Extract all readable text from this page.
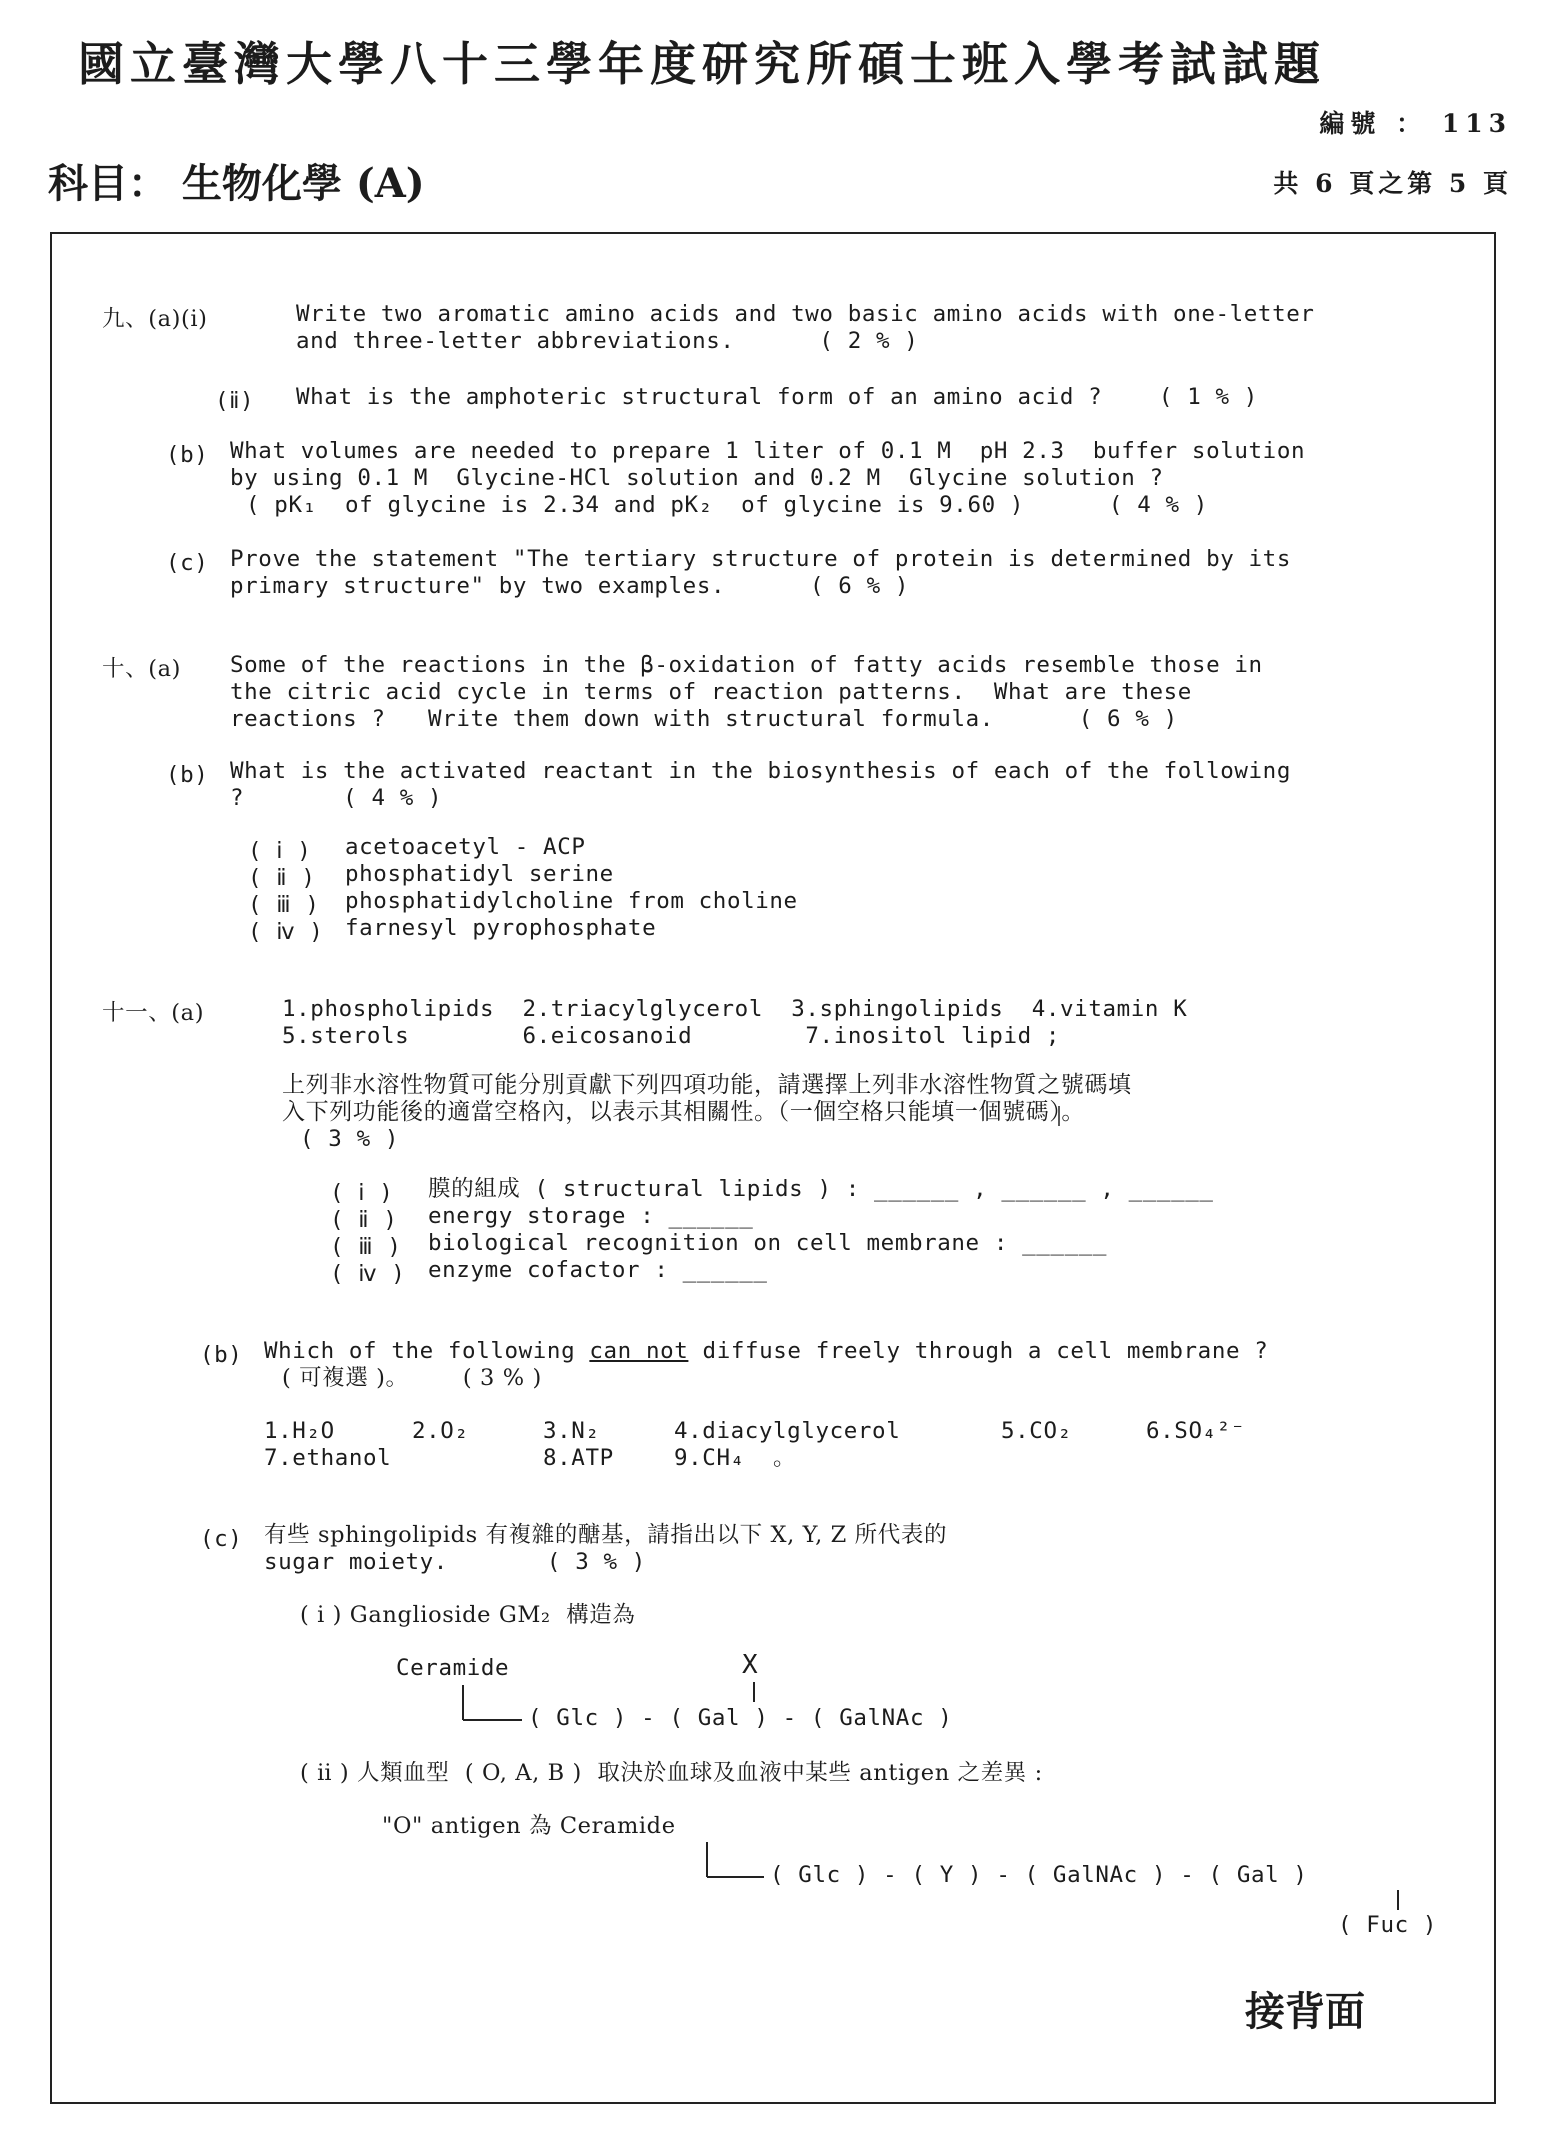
國立臺灣大學八十三學年度研究所碩士班入學考試試題
編號 ： 113
科目： 生物化學 (A)	共 6 頁之第 5 頁
九、(a)(ⅰ)	Write two aromatic amino acids and two basic amino acids with one-letter
and three-letter abbreviations.      ( 2 % )
(ⅱ) What is the amphoteric structural form of an amino acid ?    ( 1 % )
(b) What volumes are needed to prepare 1 liter of 0.1 M  pH 2.3  buffer solution
by using 0.1 M  Glycine-HCl solution and 0.2 M  Glycine solution ?
( pK₁  of glycine is 2.34 and pK₂  of glycine is 9.60 )      ( 4 % )
(c) Prove the statement "The tertiary structure of protein is determined by its
primary structure" by two examples.      ( 6 % )
十、(a) Some of the reactions in the β-oxidation of fatty acids resemble those in
the citric acid cycle in terms of reaction patterns.  What are these
reactions ?   Write them down with structural formula.      ( 6 % )
(b) What is the activated reactant in the biosynthesis of each of the following
?       ( 4 % )
( ⅰ ) acetoacetyl - ACP
( ⅱ ) phosphatidyl serine
( ⅲ ) phosphatidylcholine from choline
( ⅳ ) farnesyl pyrophosphate
十一、(a)	1.phospholipids  2.triacylglycerol  3.sphingolipids  4.vitamin K
5.sterols        6.eicosanoid        7.inositol lipid ;
上列非水溶性物質可能分別貢獻下列四項功能，請選擇上列非水溶性物質之號碼填
入下列功能後的適當空格內，以表示其相關性。（一個空格只能填一個號碼）。
( 3 % )
( ⅰ ) 膜的組成 ( structural lipids ) : ______ , ______ , ______
( ⅱ ) energy storage : ______
( ⅲ ) biological recognition on cell membrane : ______
( ⅳ ) enzyme cofactor : ______
(b) Which of the following can not diffuse freely through a cell membrane ?
( 可複選 )。       ( 3 % )
1.H₂O	2.O₂	3.N₂	4.diacylglycerol	5.CO₂	6.SO₄²⁻
7.ethanol	8.ATP	9.CH₄  。
(c) 有些 sphingolipids 有複雜的醣基，請指出以下 X, Y, Z 所代表的
sugar moiety.       ( 3 % )
( ⅰ ) Ganglioside GM₂  構造為
Ceramide	X
( Glc ) - ( Gal ) - ( GalNAc )
( ⅱ ) 人類血型  ( O, A, B )  取決於血球及血液中某些 antigen 之差異 :
"O" antigen 為 Ceramide
( Glc ) - ( Y ) - ( GalNAc ) - ( Gal )
( Fuc )
接背面
